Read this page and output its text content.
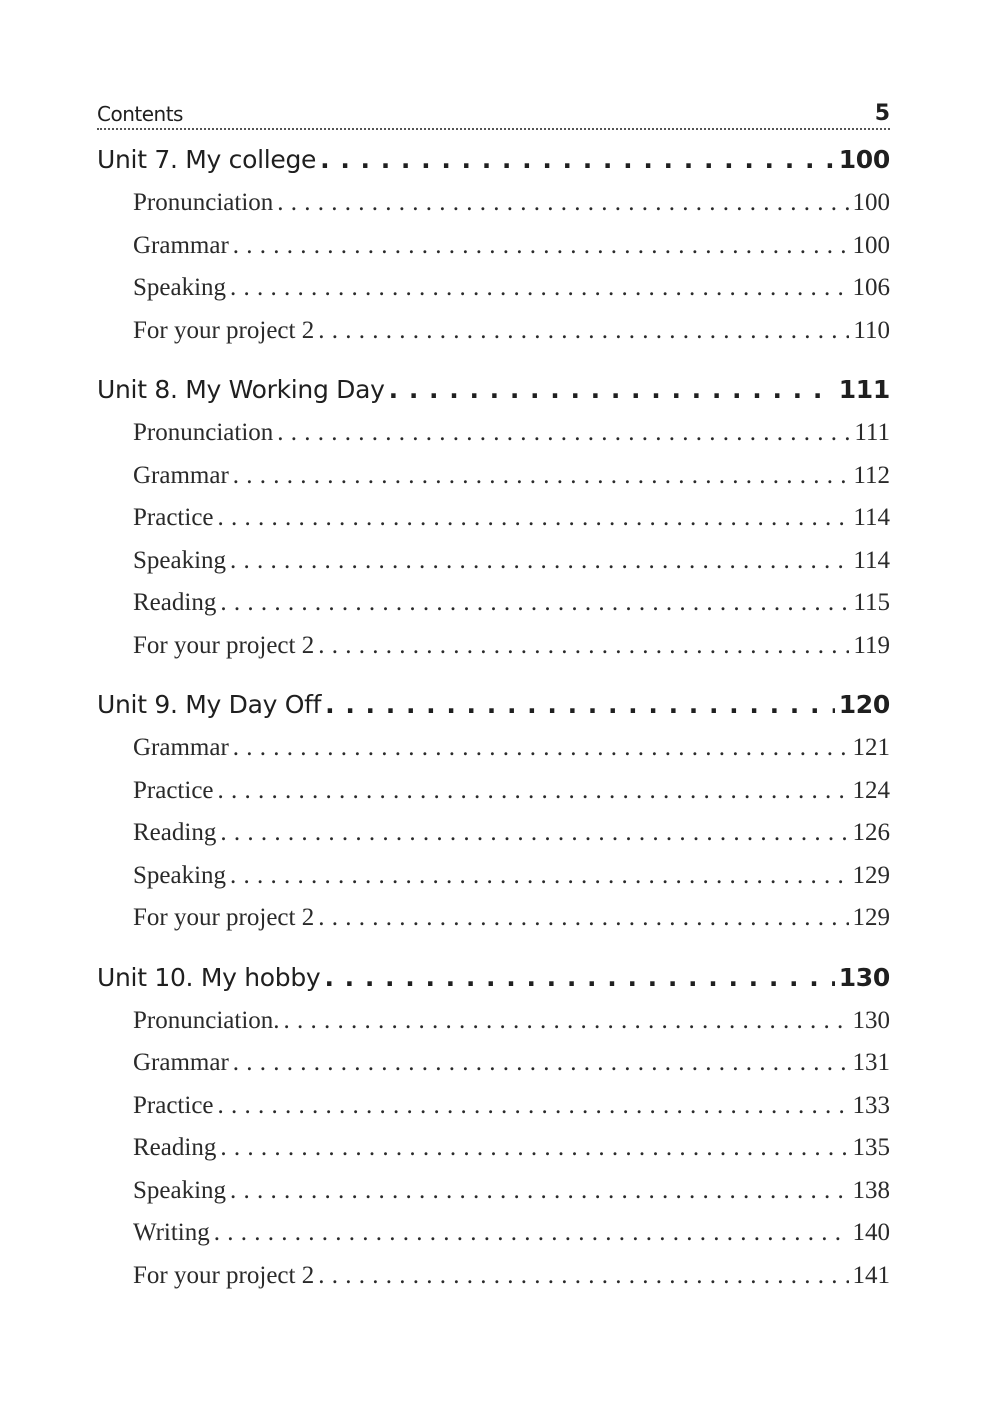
Contents	5
Unit 7. My college . . .	100
Pronunciation . . .	100
Grammar . . .	100
Speaking . . .	106
For your project 2 . . .	110
Unit 8. My Working Day . . .	111
Pronunciation . . .	111
Grammar . . .	112
Practice . . .	114
Speaking . . .	114
Reading . . .	115
For your project 2 . . .	119
Unit 9. My Day Off . . .	120
Grammar . . .	121
Practice . . .	124
Reading . . .	126
Speaking . . .	129
For your project 2 . . .	129
Unit 10. My hobby . . .	130
Pronunciation. . . .	130
Grammar . . .	131
Practice . . .	133
Reading . . .	135
Speaking . . .	138
Writing . . .	140
For your project 2 . . .	141
